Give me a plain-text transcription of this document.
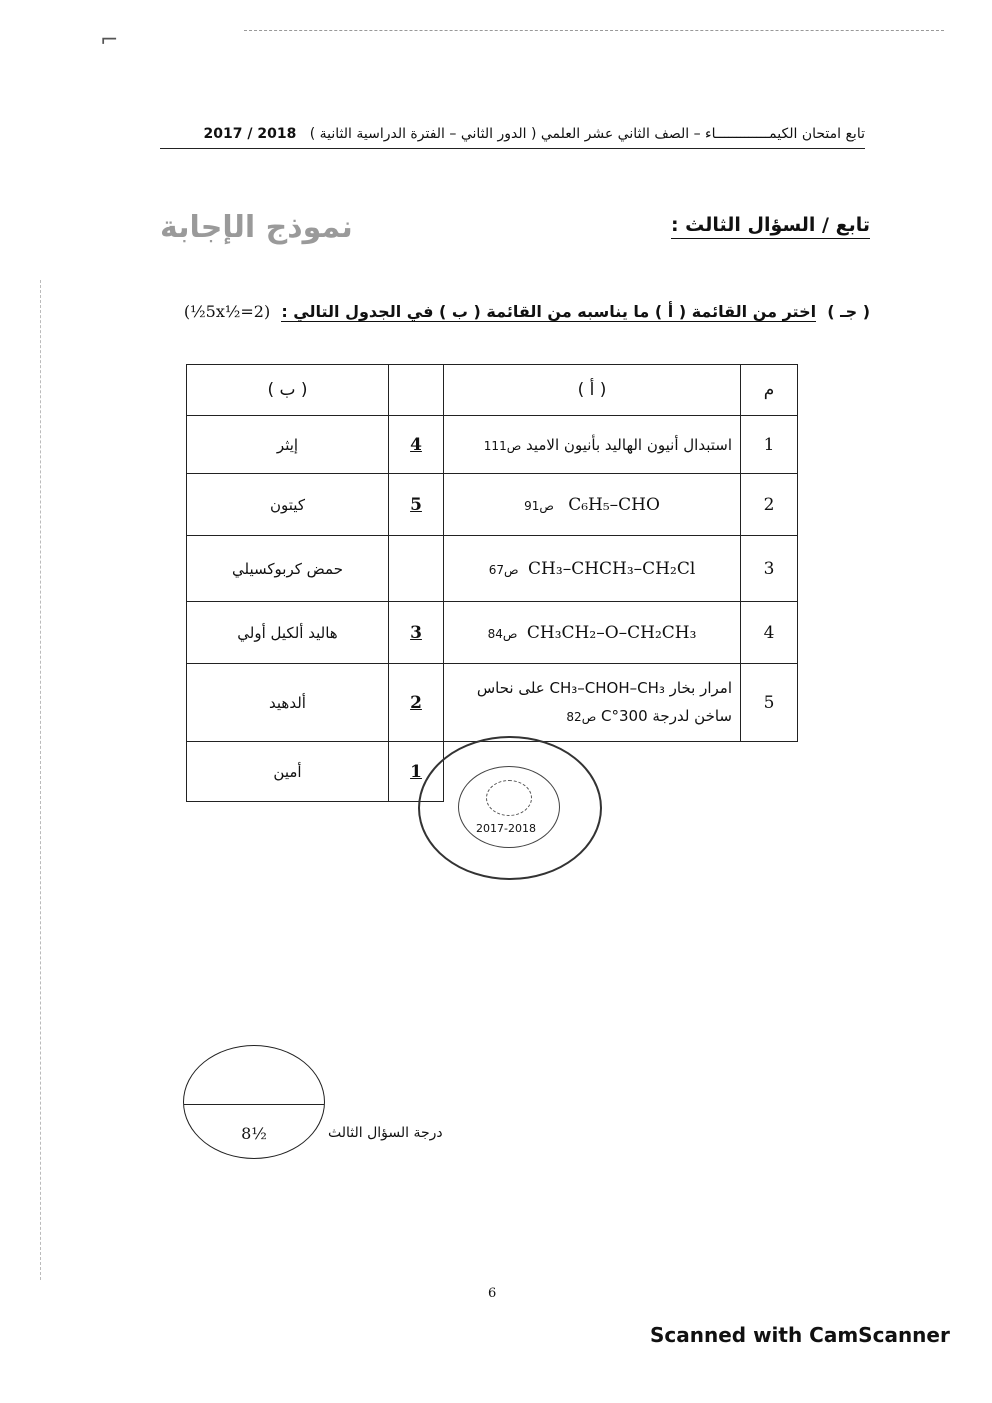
⌐
تابع امتحان الكيمـــــــــــــاء – الصف الثاني عشر العلمي ( الدور الثاني – الفترة الدراسية الثانية )   2018 / 2017
نموذج الإجابة	تابع / السؤال الثالث :
( جـ )  اختر من القائمة ( أ ) ما يناسبه من القائمة ( ب ) في الجدول التالي :  (5x½=2½)
م	( أ )		( ب )
1	استبدال أنيون الهاليد بأنيون الاميد ص111	4	إيثر
2	C₆H₅–CHO   ص91	5	كيتون
3	CH₃–CHCH₃–CH₂Cl  ص67		حمض كربوكسيلي
4	CH₃CH₂–O–CH₂CH₃  ص84	3	هاليد ألكيل أولي
5	امرار بخار CH₃–CHOH–CH₃ على نحاس ساخن لدرجة 300°C ص82	2	ألدهيد
		1	أمين
2017-2018
8½	درجة السؤال الثالث
6
Scanned with CamScanner
